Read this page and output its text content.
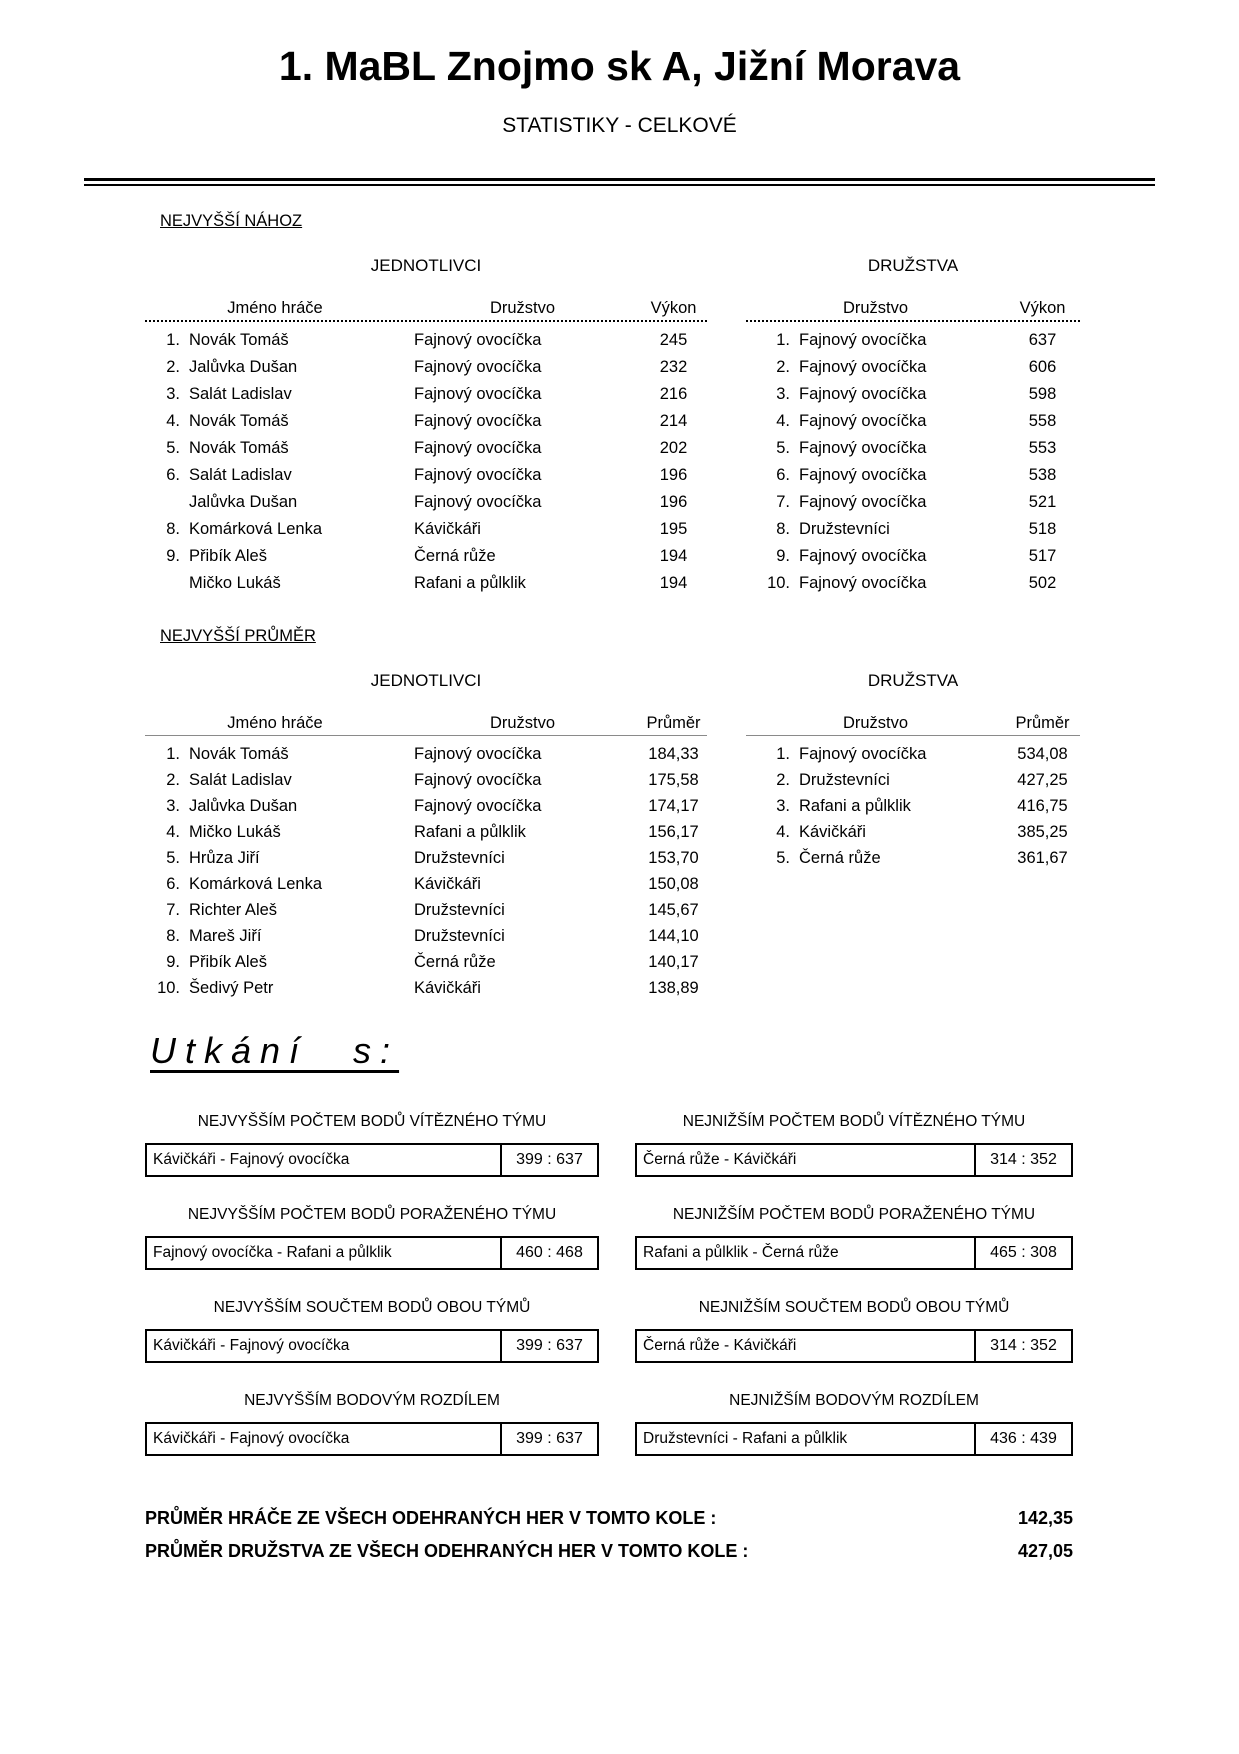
1. MaBL Znojmo sk A, Jižní Morava
STATISTIKY - CELKOVÉ
NEJVYŠŠÍ NÁHOZ
JEDNOTLIVCI
Jméno hráče	Družstvo	Výkon
1. Novák Tomáš	Fajnový ovocíčka	245
2. Jalůvka Dušan	Fajnový ovocíčka	232
3. Salát Ladislav	Fajnový ovocíčka	216
4. Novák Tomáš	Fajnový ovocíčka	214
5. Novák Tomáš	Fajnový ovocíčka	202
6. Salát Ladislav	Fajnový ovocíčka	196
Jalůvka Dušan	Fajnový ovocíčka	196
8. Komárková Lenka	Kávičkáři	195
9. Přibík Aleš	Černá růže	194
Mičko Lukáš	Rafani a půlklik	194
DRUŽSTVA
Družstvo	Výkon
1. Fajnový ovocíčka	637
2. Fajnový ovocíčka	606
3. Fajnový ovocíčka	598
4. Fajnový ovocíčka	558
5. Fajnový ovocíčka	553
6. Fajnový ovocíčka	538
7. Fajnový ovocíčka	521
8. Družstevníci	518
9. Fajnový ovocíčka	517
10. Fajnový ovocíčka	502
NEJVYŠŠÍ PRŮMĚR
JEDNOTLIVCI
Jméno hráče	Družstvo	Průměr
1. Novák Tomáš	Fajnový ovocíčka	184,33
2. Salát Ladislav	Fajnový ovocíčka	175,58
3. Jalůvka Dušan	Fajnový ovocíčka	174,17
4. Mičko Lukáš	Rafani a půlklik	156,17
5. Hrůza Jiří	Družstevníci	153,70
6. Komárková Lenka	Kávičkáři	150,08
7. Richter Aleš	Družstevníci	145,67
8. Mareš Jiří	Družstevníci	144,10
9. Přibík Aleš	Černá růže	140,17
10. Šedivý Petr	Kávičkáři	138,89
DRUŽSTVA
Družstvo	Průměr
1. Fajnový ovocíčka	534,08
2. Družstevníci	427,25
3. Rafani a půlklik	416,75
4. Kávičkáři	385,25
5. Černá růže	361,67
Utkání s:
NEJVYŠŠÍM POČTEM BODŮ VÍTĚZNÉHO TÝMU
Kávičkáři - Fajnový ovocíčka	399 : 637
NEJNIŽŠÍM POČTEM BODŮ VÍTĚZNÉHO TÝMU
Černá růže - Kávičkáři	314 : 352
NEJVYŠŠÍM POČTEM BODŮ PORAŽENÉHO TÝMU
Fajnový ovocíčka - Rafani a půlklik	460 : 468
NEJNIŽŠÍM POČTEM BODŮ PORAŽENÉHO TÝMU
Rafani a půlklik - Černá růže	465 : 308
NEJVYŠŠÍM SOUČTEM BODŮ OBOU TÝMŮ
Kávičkáři - Fajnový ovocíčka	399 : 637
NEJNIŽŠÍM SOUČTEM BODŮ OBOU TÝMŮ
Černá růže - Kávičkáři	314 : 352
NEJVYŠŠÍM BODOVÝM ROZDÍLEM
Kávičkáři - Fajnový ovocíčka	399 : 637
NEJNIŽŠÍM BODOVÝM ROZDÍLEM
Družstevníci - Rafani a půlklik	436 : 439
PRŮMĚR HRÁČE ZE VŠECH ODEHRANÝCH HER V TOMTO KOLE :	142,35
PRŮMĚR DRUŽSTVA ZE VŠECH ODEHRANÝCH HER V TOMTO KOLE :	427,05
